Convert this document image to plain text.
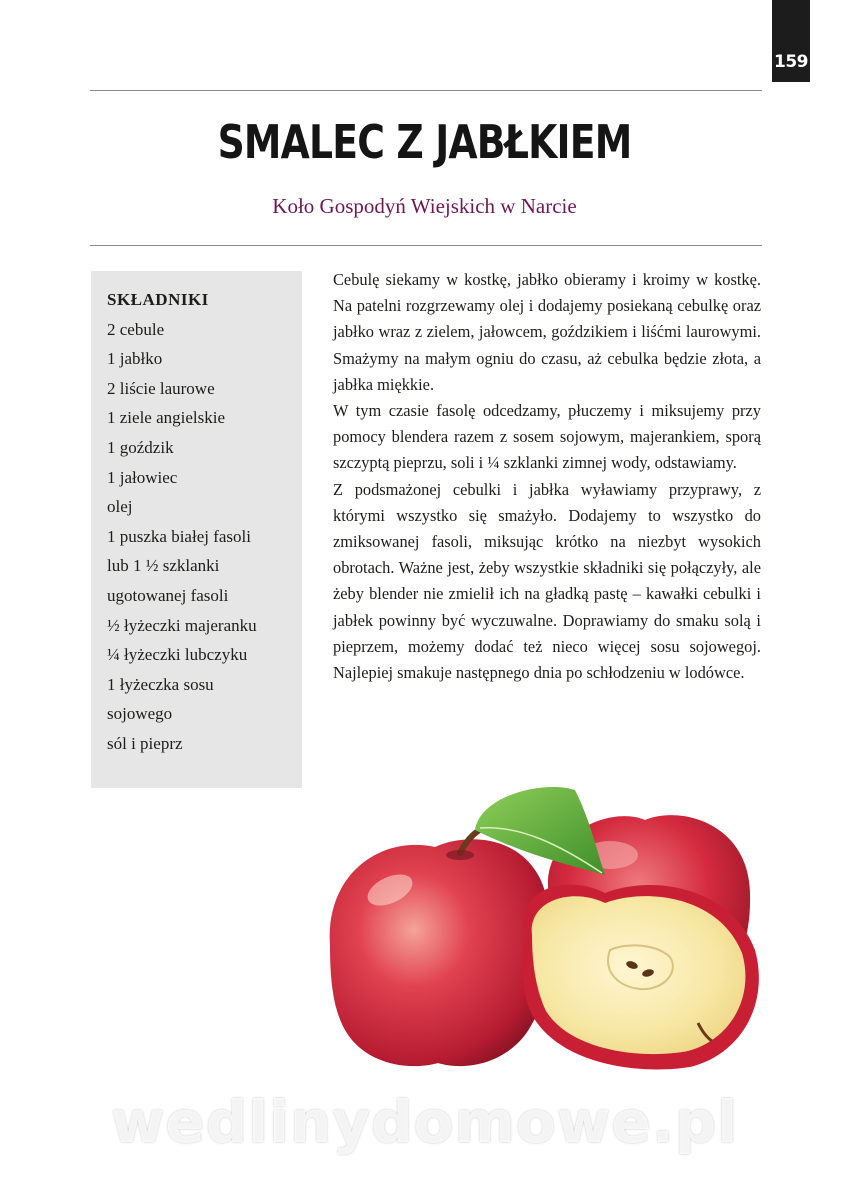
159
SMALEC Z JABŁKIEM
Koło Gospodyń Wiejskich w Narcie
SKŁADNIKI
2 cebule
1 jabłko
2 liście laurowe
1 ziele angielskie
1 goździk
1 jałowiec
olej
1 puszka białej fasoli
lub 1 ½ szklanki
ugotowanej fasoli
½ łyżeczki majeranku
¼ łyżeczki lubczyku
1 łyżeczka sosu
sojowego
sól i pieprz

Cebulę siekamy w kostkę, jabłko obieramy i kroimy w kostkę. Na patelni rozgrzewamy olej i dodajemy posiekaną cebulkę oraz jabłko wraz z zielem, jałowcem, goździkiem i liśćmi laurowymi. Smażymy na małym ogniu do czasu, aż cebulka będzie złota, a jabłka miękkie.

W tym czasie fasolę odcedzamy, płuczemy i miksujemy przy pomocy blendera razem z sosem sojowym, majerankiem, sporą szczyptą pieprzu, soli i ¼ szklanki zimnej wody, odstawiamy.

Z podsmażonej cebulki i jabłka wyławiamy przyprawy, z którymi wszystko się smażyło. Dodajemy to wszystko do zmiksowanej fasoli, miksując krótko na niezbyt wysokich obrotach. Ważne jest, żeby wszystkie składniki się połączyły, ale żeby blender nie zmielił ich na gładką pastę – kawałki cebulki i jabłek powinny być wyczuwalne. Doprawiamy do smaku solą i pieprzem, możemy dodać też nieco więcej sosu sojowegoj. Najlepiej smakuje następnego dnia po schłodzeniu w lodówce.

wedlinydomowe.pl
